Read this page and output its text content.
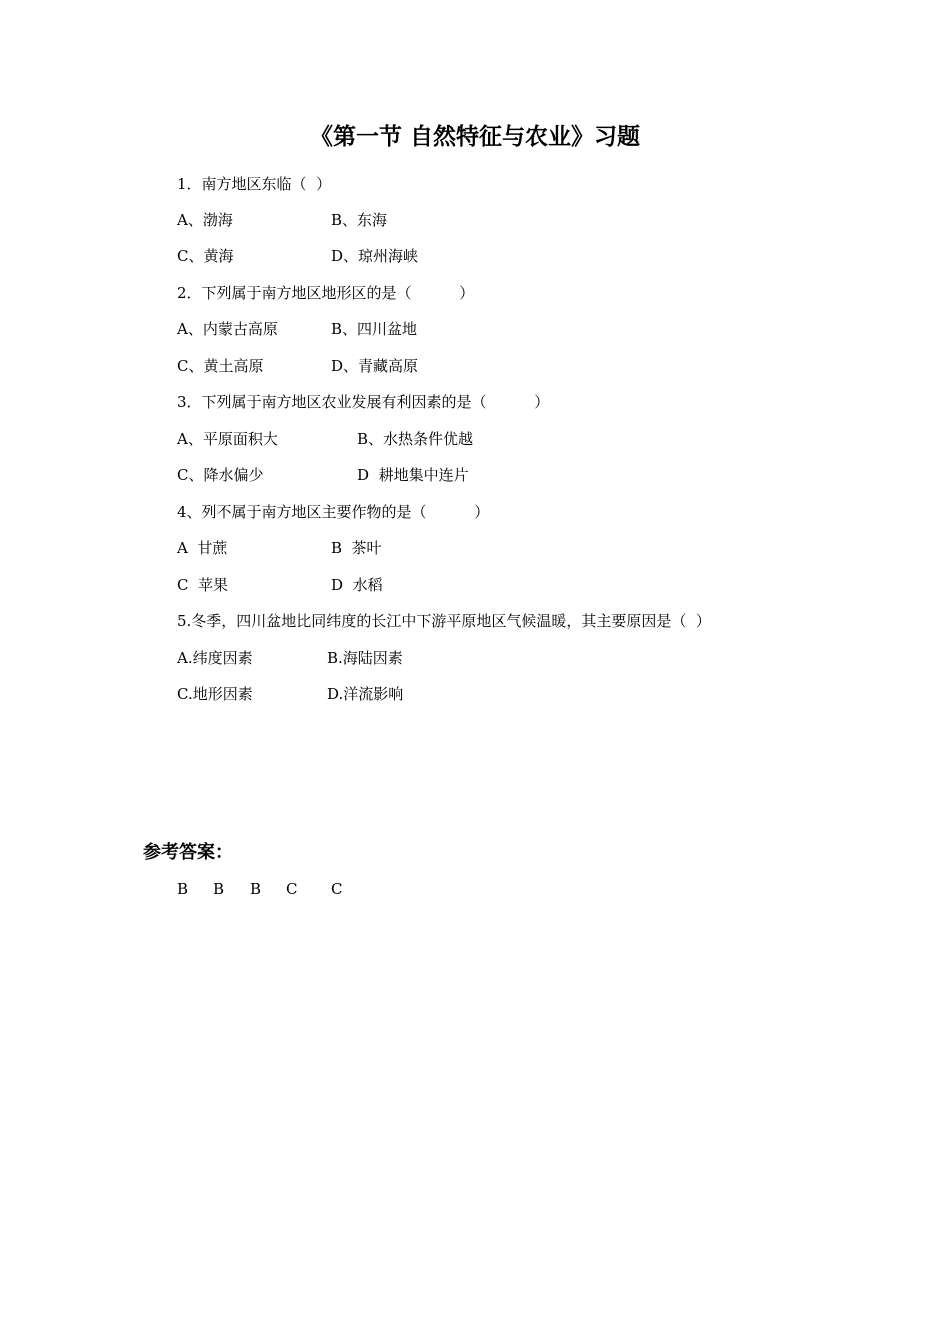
《第一节 自然特征与农业》习题
1．南方地区东临（  ）
A、渤海	B、东海
C、黄海	D、琼州海峡
2．下列属于南方地区地形区的是（          ）
A、内蒙古高原	B、四川盆地
C、黄土高原	D、青藏高原
3．下列属于南方地区农业发展有利因素的是（          ）
A、平原面积大	B、水热条件优越
C、降水偏少	D  耕地集中连片
4、列不属于南方地区主要作物的是（          ）
A  甘蔗	B  茶叶
C  苹果	D  水稻
5.冬季，四川盆地比同纬度的长江中下游平原地区气候温暖，其主要原因是（  ）
A.纬度因素	B.海陆因素
C.地形因素	D.洋流影响
参考答案：
B B B C C
